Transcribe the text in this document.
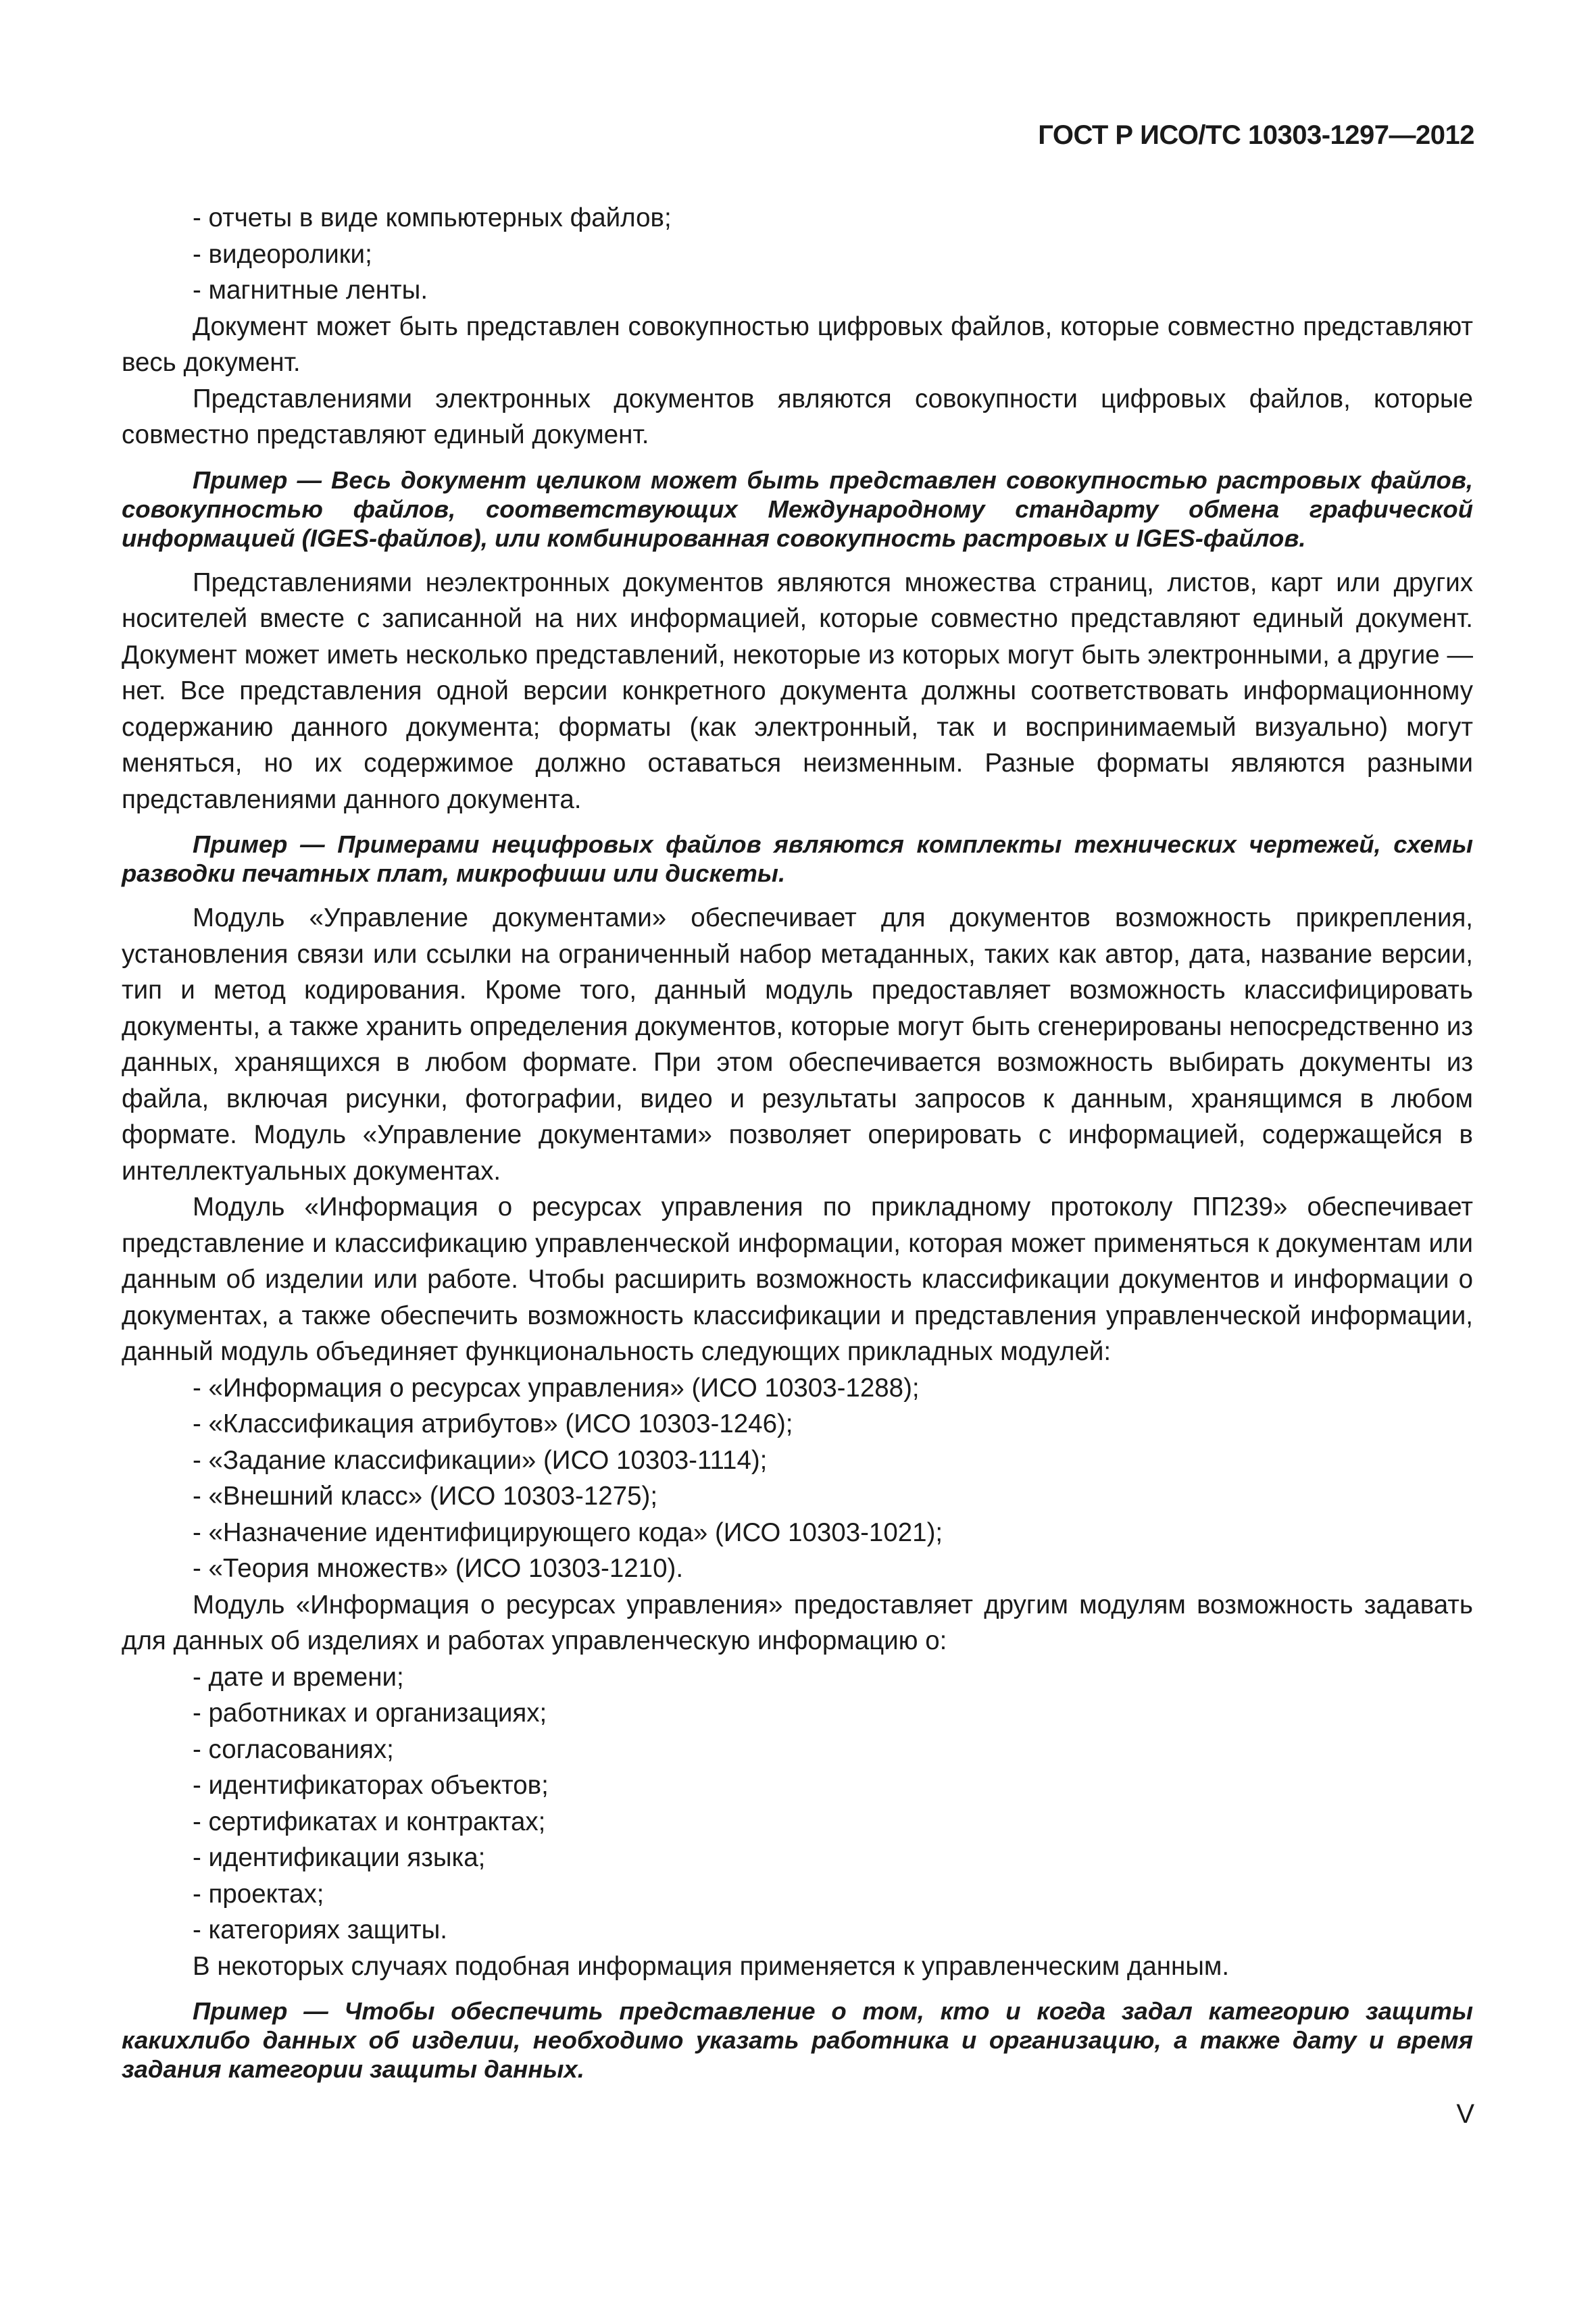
ГОСТ Р ИСО/ТС 10303-1297—2012
- отчеты в виде компьютерных файлов;
- видеоролики;
- магнитные ленты.
Документ может быть представлен совокупностью цифровых файлов, которые совместно представляют весь документ.
Представлениями электронных документов являются совокупности цифровых файлов, которые совместно представляют единый документ.
Пример — Весь документ целиком может быть представлен совокупностью растровых файлов, совокупностью файлов, соответствующих Международному стандарту обмена графической информацией (IGES-файлов), или комбинированная совокупность растровых и IGES-файлов.
Представлениями неэлектронных документов являются множества страниц, листов, карт или других носителей вместе с записанной на них информацией, которые совместно представляют единый документ. Документ может иметь несколько представлений, некоторые из которых могут быть электронными, а другие — нет. Все представления одной версии конкретного документа должны соответствовать информационному содержанию данного документа; форматы (как электронный, так и воспринимаемый визуально) могут меняться, но их содержимое должно оставаться неизменным. Разные форматы являются разными представлениями данного документа.
Пример — Примерами нецифровых файлов являются комплекты технических чертежей, схемы разводки печатных плат, микрофиши или дискеты.
Модуль «Управление документами» обеспечивает для документов возможность прикрепления, установления связи или ссылки на ограниченный набор метаданных, таких как автор, дата, название версии, тип и метод кодирования. Кроме того, данный модуль предоставляет возможность классифицировать документы, а также хранить определения документов, которые могут быть сгенерированы непосредственно из данных, хранящихся в любом формате. При этом обеспечивается возможность выбирать документы из файла, включая рисунки, фотографии, видео и результаты запросов к данным, хранящимся в любом формате. Модуль «Управление документами» позволяет оперировать с информацией, содержащейся в интеллектуальных документах.
Модуль «Информация о ресурсах управления по прикладному протоколу ПП239» обеспечивает представление и классификацию управленческой информации, которая может применяться к документам или данным об изделии или работе. Чтобы расширить возможность классификации документов и информации о документах, а также обеспечить возможность классификации и представления управленческой информации, данный модуль объединяет функциональность следующих прикладных модулей:
- «Информация о ресурсах управления» (ИСО 10303-1288);
- «Классификация атрибутов» (ИСО 10303-1246);
- «Задание классификации» (ИСО 10303-1114);
- «Внешний класс» (ИСО 10303-1275);
- «Назначение идентифицирующего кода» (ИСО 10303-1021);
- «Теория множеств» (ИСО 10303-1210).
Модуль «Информация о ресурсах управления» предоставляет другим модулям возможность задавать для данных об изделиях и работах управленческую информацию о:
- дате и времени;
- работниках и организациях;
- согласованиях;
- идентификаторах объектов;
- сертификатах и контрактах;
- идентификации языка;
- проектах;
- категориях защиты.
В некоторых случаях подобная информация применяется к управленческим данным.
Пример — Чтобы обеспечить представление о том, кто и когда задал категорию защиты какихлибо данных об изделии, необходимо указать работника и организацию, а также дату и время задания категории защиты данных.
V
